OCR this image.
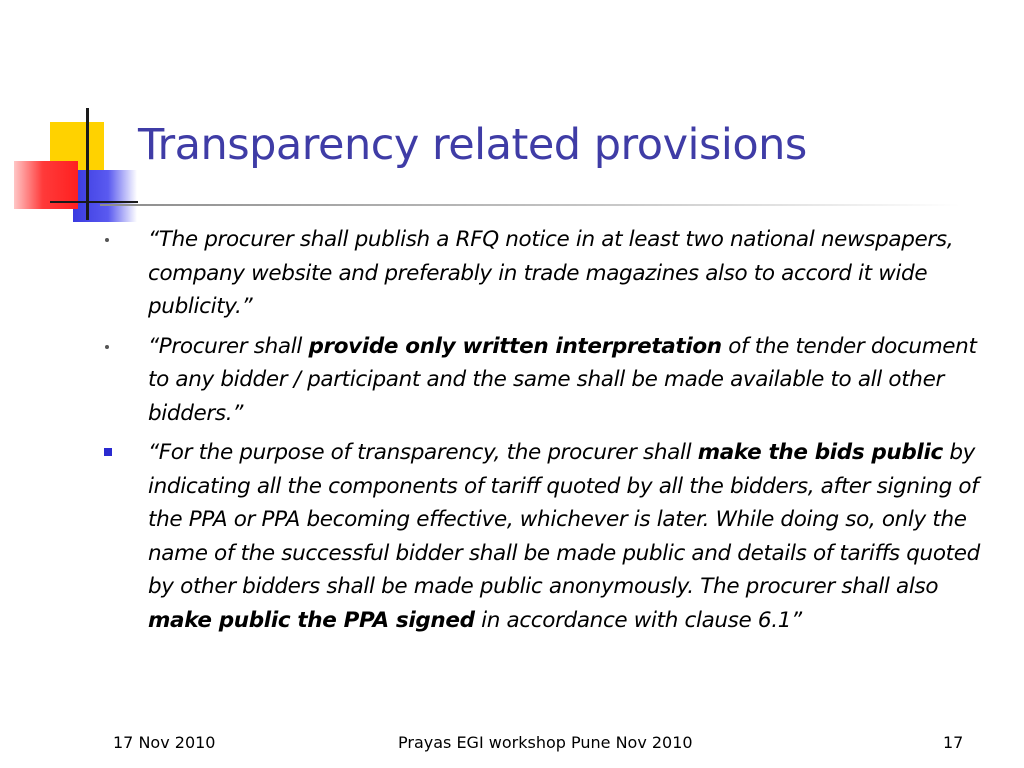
Transparency related provisions

“The procurer shall publish a RFQ notice in at least two national newspapers, company website and preferably in trade magazines also to accord it wide publicity.”

“Procurer shall provide only written interpretation of the tender document to any bidder / participant and the same shall be made available to all other bidders.”

“For the purpose of transparency, the procurer shall make the bids public by indicating all the components of tariff quoted by all the bidders, after signing of the PPA or PPA becoming effective, whichever is later. While doing so, only the name of the successful bidder shall be made public and details of tariffs quoted by other bidders shall be made public anonymously. The procurer shall also make public the PPA signed in accordance with clause 6.1”

17 Nov 2010	Prayas EGI workshop Pune Nov 2010	17
